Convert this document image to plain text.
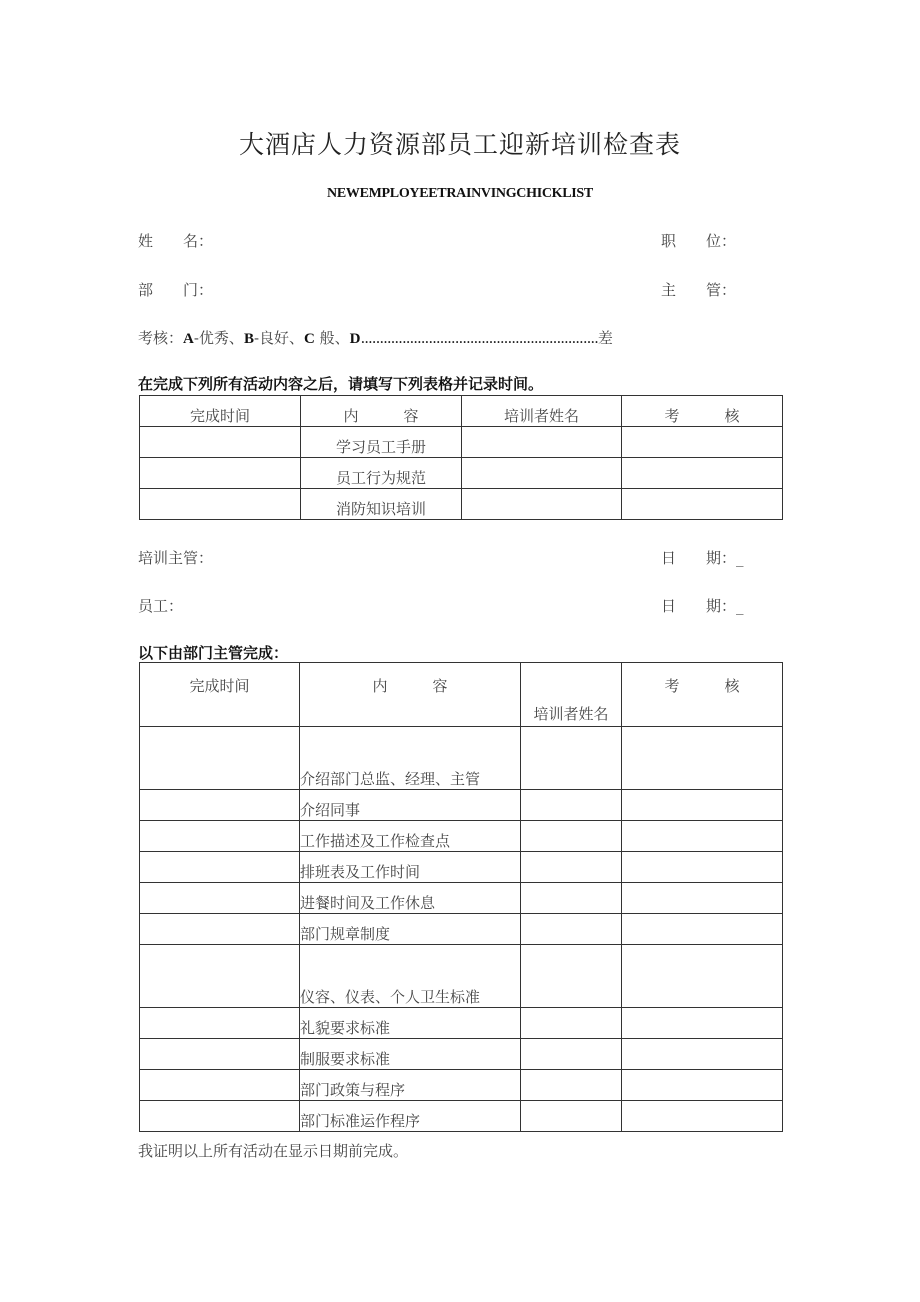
大酒店人力资源部员工迎新培训检查表
NEWEMPLOYEETRAINVINGCHICKLIST
姓　　名：	职　　位：
部　　门：	主　　管：
考核：A-优秀、B-良好、C 般、D...............................................................差
在完成下列所有活动内容之后，请填写下列表格并记录时间。
完成时间	内　　　容	培训者姓名	考　　　核
	学习员工手册		
	员工行为规范		
	消防知识培训		
培训主管：	日　　期：_
员工：	日　　期：_
以下由部门主管完成：
完成时间	内　　　容	培训者姓名	考　　　核
	介绍部门总监、经理、主管		
	介绍同事		
	工作描述及工作检查点		
	排班表及工作时间		
	进餐时间及工作休息		
	部门规章制度		
	仪容、仪表、个人卫生标准		
	礼貌要求标准		
	制服要求标准		
	部门政策与程序		
	部门标准运作程序		
我证明以上所有活动在显示日期前完成。
